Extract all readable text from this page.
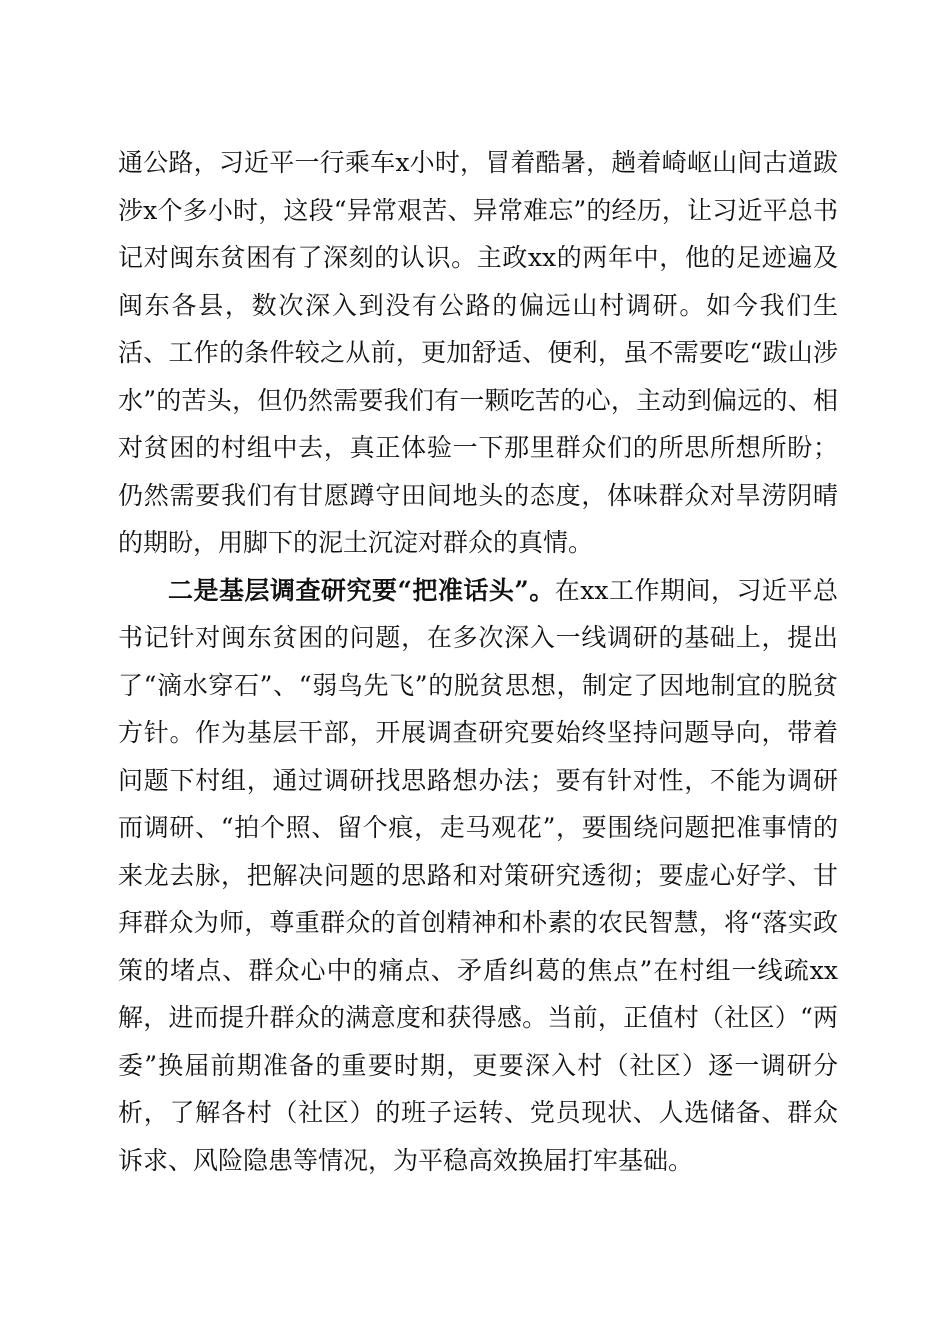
通公路，习近平一行乘车x小时，冒着酷暑，趟着崎岖山间古道跋涉x个多小时，这段“异常艰苦、异常难忘”的经历，让习近平总书记对闽东贫困有了深刻的认识。主政xx的两年中，他的足迹遍及闽东各县，数次深入到没有公路的偏远山村调研。如今我们生活、工作的条件较之从前，更加舒适、便利，虽不需要吃“跋山涉水”的苦头，但仍然需要我们有一颗吃苦的心，主动到偏远的、相对贫困的村组中去，真正体验一下那里群众们的所思所想所盼；仍然需要我们有甘愿蹲守田间地头的态度，体味群众对旱涝阴晴的期盼，用脚下的泥土沉淀对群众的真情。

二是基层调查研究要“把准话头”。在xx工作期间，习近平总书记针对闽东贫困的问题，在多次深入一线调研的基础上，提出了“滴水穿石”、“弱鸟先飞”的脱贫思想，制定了因地制宜的脱贫方针。作为基层干部，开展调查研究要始终坚持问题导向，带着问题下村组，通过调研找思路想办法；要有针对性，不能为调研而调研、“拍个照、留个痕，走马观花”，要围绕问题把准事情的来龙去脉，把解决问题的思路和对策研究透彻；要虚心好学、甘拜群众为师，尊重群众的首创精神和朴素的农民智慧，将“落实政策的堵点、群众心中的痛点、矛盾纠葛的焦点”在村组一线疏xx解，进而提升群众的满意度和获得感。当前，正值村（社区）“两委”换届前期准备的重要时期，更要深入村（社区）逐一调研分析，了解各村（社区）的班子运转、党员现状、人选储备、群众诉求、风险隐患等情况，为平稳高效换届打牢基础。
